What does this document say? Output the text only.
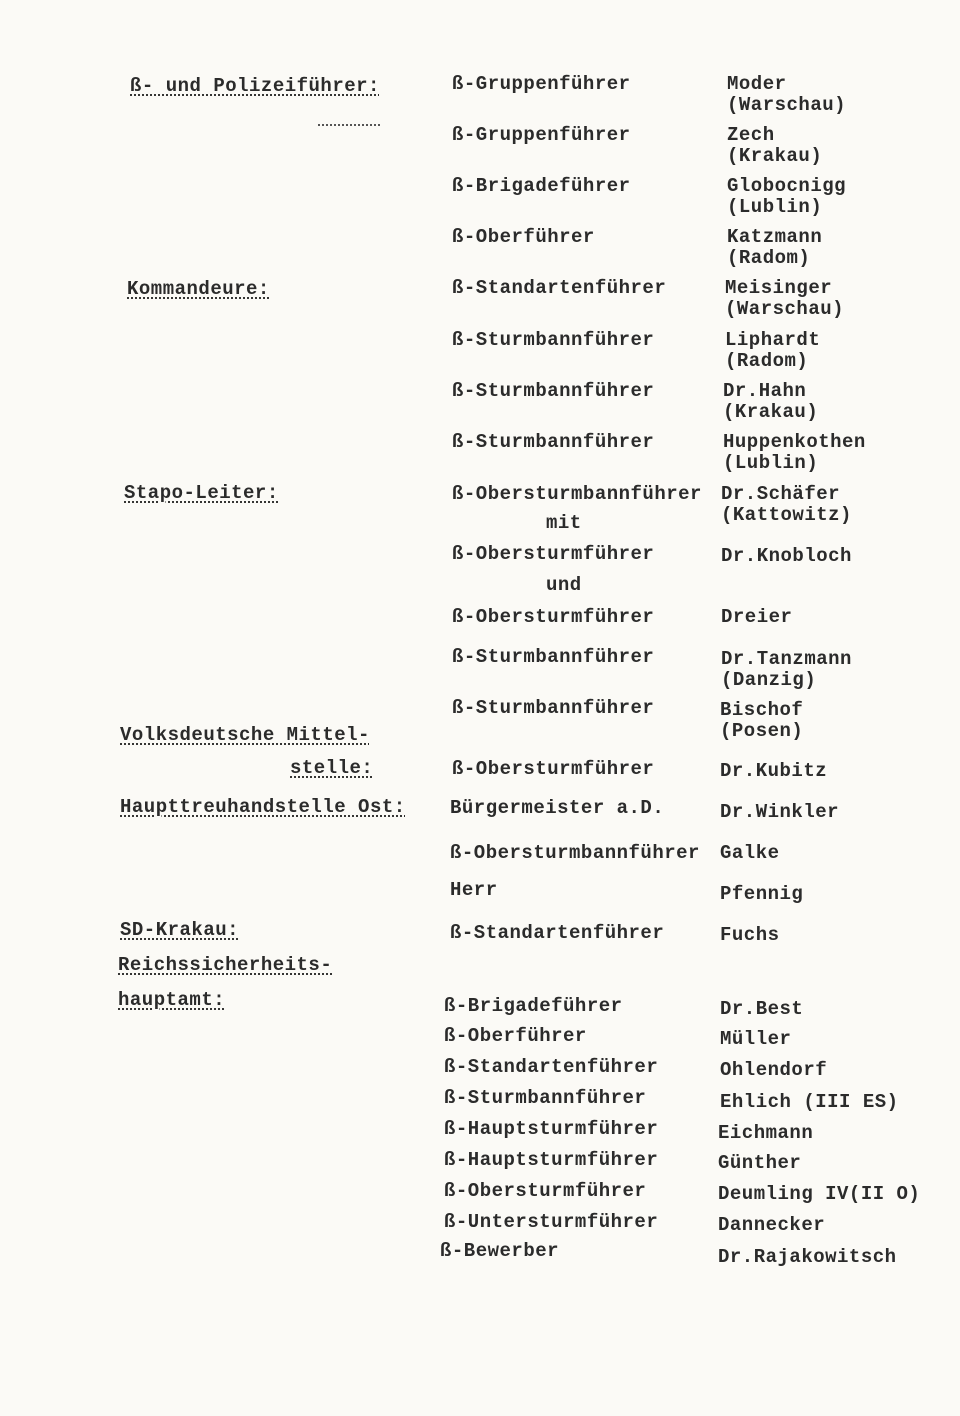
ß- und Polizeiführer:
Kommandeure:
Stapo-Leiter:
Volksdeutsche Mittel-
stelle:
Haupttreuhandstelle Ost:
SD-Krakau:
Reichssicherheits-
hauptamt:
ß-Gruppenführer
ß-Gruppenführer
ß-Brigadeführer
ß-Oberführer
ß-Standartenführer
ß-Sturmbannführer
ß-Sturmbannführer
ß-Sturmbannführer
ß-Obersturmbannführer
mit
ß-Obersturmführer
und
ß-Obersturmführer
ß-Sturmbannführer
ß-Sturmbannführer
ß-Obersturmführer
Bürgermeister a.D.
ß-Obersturmbannführer
Herr
ß-Standartenführer
ß-Brigadeführer
ß-Oberführer
ß-Standartenführer
ß-Sturmbannführer
ß-Hauptsturmführer
ß-Hauptsturmführer
ß-Obersturmführer
ß-Untersturmführer
ß-Bewerber
Moder
(Warschau)
Zech
(Krakau)
Globocnigg
(Lublin)
Katzmann
(Radom)
Meisinger
(Warschau)
Liphardt
(Radom)
Dr.Hahn
(Krakau)
Huppenkothen
(Lublin)
Dr.Schäfer
(Kattowitz)
Dr.Knobloch
Dreier
Dr.Tanzmann
(Danzig)
Bischof
(Posen)
Dr.Kubitz
Dr.Winkler
Galke
Pfennig
Fuchs
Dr.Best
Müller
Ohlendorf
Ehlich (III ES)
Eichmann
Günther
Deumling IV(II O)
Dannecker
Dr.Rajakowitsch
